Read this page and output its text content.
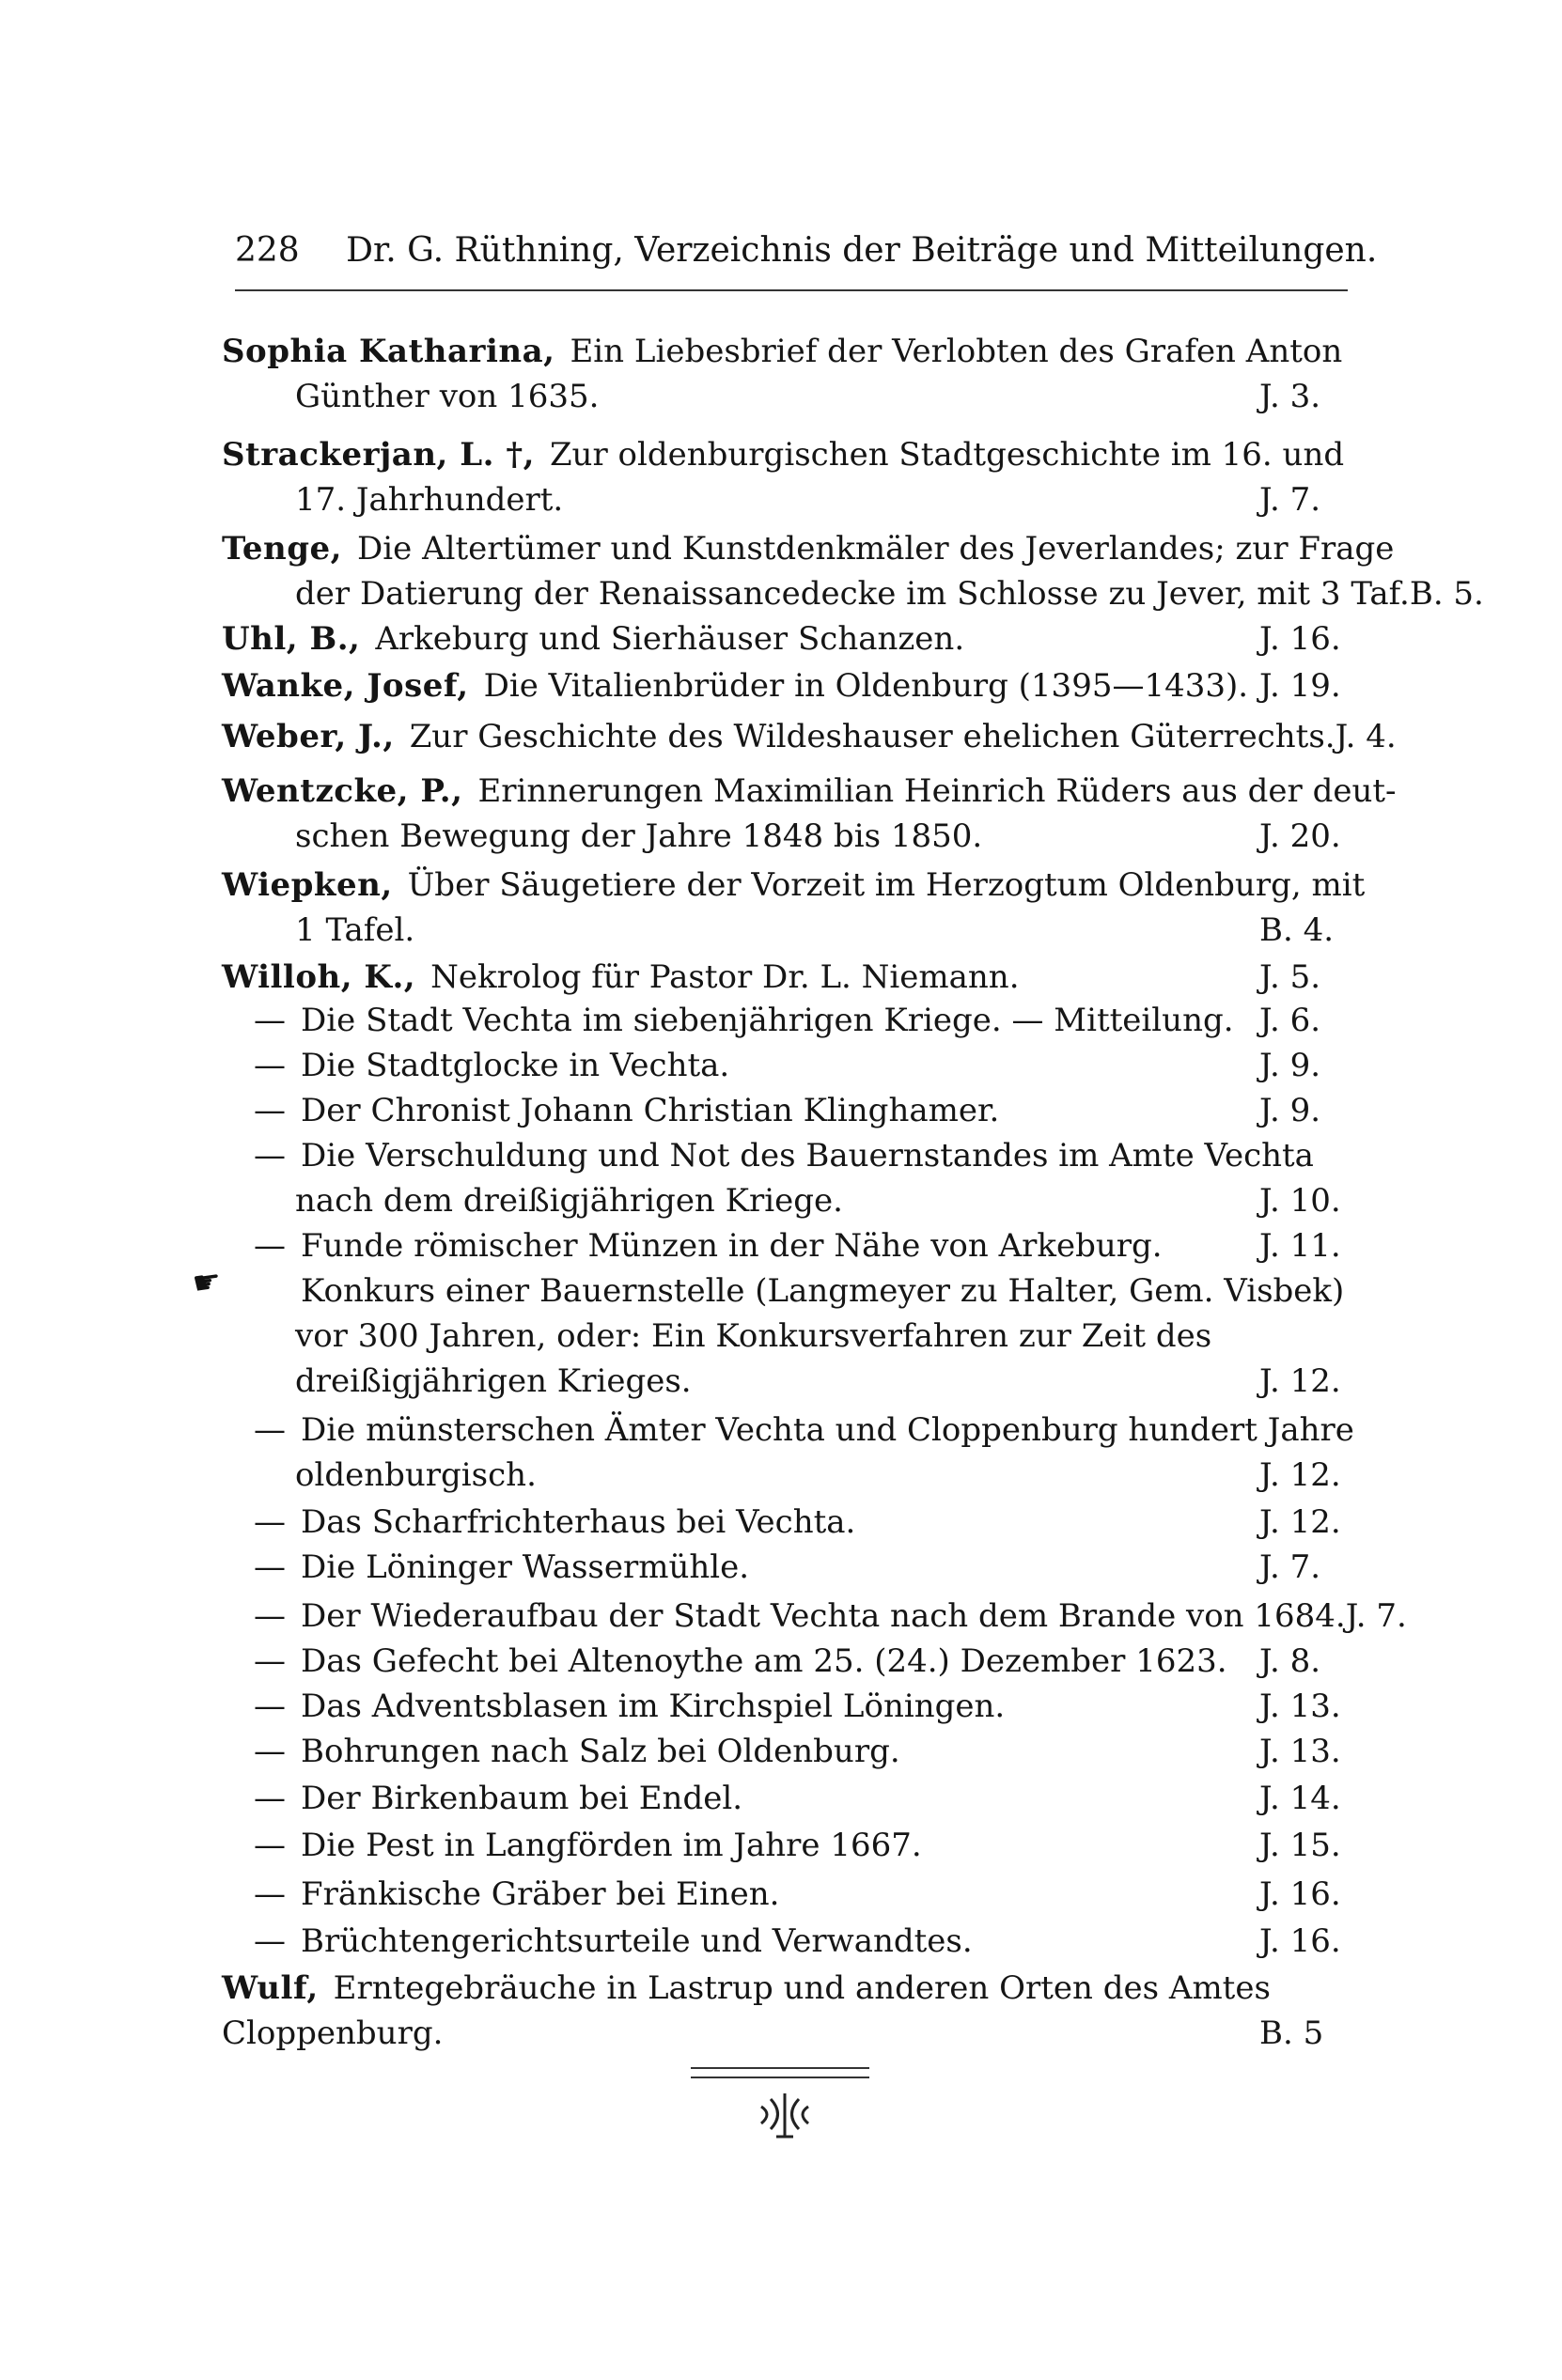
228 Dr. G. Rüthning, Verzeichnis der Beiträge und Mitteilungen.
Sophia Katharina, Ein Liebesbrief der Verlobten des Grafen Anton
Günther von 1635.	J. 3.
Strackerjan, L. †, Zur oldenburgischen Stadtgeschichte im 16. und
17. Jahrhundert.	J. 7.
Tenge, Die Altertümer und Kunstdenkmäler des Jeverlandes; zur Frage
der Datierung der Renaissancedecke im Schlosse zu Jever, mit 3 Taf. B. 5.
Uhl, B., Arkeburg und Sierhäuser Schanzen.	J. 16.
Wanke, Josef, Die Vitalienbrüder in Oldenburg (1395—1433). J. 19.
Weber, J., Zur Geschichte des Wildeshauser ehelichen Güterrechts. J. 4.
Wentzcke, P., Erinnerungen Maximilian Heinrich Rüders aus der deut-
schen Bewegung der Jahre 1848 bis 1850.	J. 20.
Wiepken, Über Säugetiere der Vorzeit im Herzogtum Oldenburg, mit
1 Tafel.	B. 4.
Willoh, K., Nekrolog für Pastor Dr. L. Niemann.	J. 5.
— Die Stadt Vechta im siebenjährigen Kriege. — Mitteilung. J. 6.
— Die Stadtglocke in Vechta.	J. 9.
— Der Chronist Johann Christian Klinghamer.	J. 9.
— Die Verschuldung und Not des Bauernstandes im Amte Vechta
nach dem dreißigjährigen Kriege.	J. 10.
— Funde römischer Münzen in der Nähe von Arkeburg.	J. 11.
☛ Konkurs einer Bauernstelle (Langmeyer zu Halter, Gem. Visbek)
vor 300 Jahren, oder: Ein Konkursverfahren zur Zeit des
dreißigjährigen Krieges.	J. 12.
— Die münsterschen Ämter Vechta und Cloppenburg hundert Jahre
oldenburgisch.	J. 12.
— Das Scharfrichterhaus bei Vechta.	J. 12.
— Die Löninger Wassermühle.	J. 7.
— Der Wiederaufbau der Stadt Vechta nach dem Brande von 1684. J. 7.
— Das Gefecht bei Altenoythe am 25. (24.) Dezember 1623.	J. 8.
— Das Adventsblasen im Kirchspiel Löningen.	J. 13.
— Bohrungen nach Salz bei Oldenburg.	J. 13.
— Der Birkenbaum bei Endel.	J. 14.
— Die Pest in Langförden im Jahre 1667.	J. 15.
— Fränkische Gräber bei Einen.	J. 16.
— Brüchtengerichtsurteile und Verwandtes.	J. 16.
Wulf, Erntegebräuche in Lastrup und anderen Orten des Amtes
Cloppenburg.	B. 5
